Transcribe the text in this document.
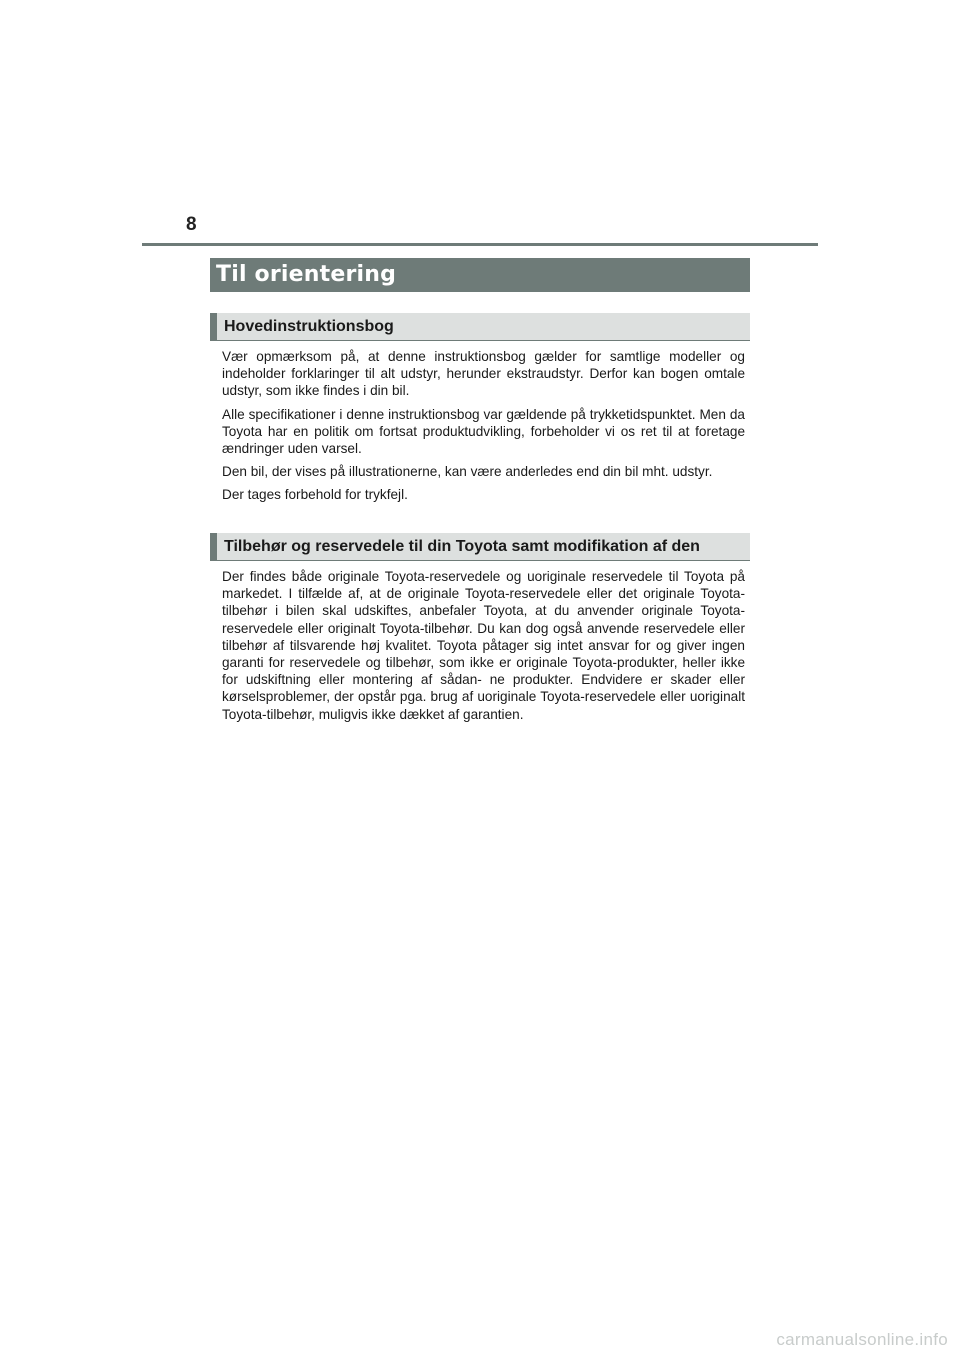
8
Til orientering
Hovedinstruktionsbog

Vær opmærksom på, at denne instruktionsbog gælder for samtlige modeller og indeholder forklaringer til alt udstyr, herunder ekstraudstyr. Derfor kan bogen omtale udstyr, som ikke findes i din bil.

Alle specifikationer i denne instruktionsbog var gældende på trykketidspunktet. Men da Toyota har en politik om fortsat produktudvikling, forbeholder vi os ret til at foretage ændringer uden varsel.

Den bil, der vises på illustrationerne, kan være anderledes end din bil mht. udstyr.

Der tages forbehold for trykfejl.

Tilbehør og reservedele til din Toyota samt modifikation af den

Der findes både originale Toyota-reservedele og uoriginale reservedele til Toyota på markedet. I tilfælde af, at de originale Toyota-reservedele eller det originale Toyota-tilbehør i bilen skal udskiftes, anbefaler Toyota, at du anvender originale Toyota-reservedele eller originalt Toyota-tilbehør. Du kan dog også anvende reservedele eller tilbehør af tilsvarende høj kvalitet. Toyota påtager sig intet ansvar for og giver ingen garanti for reservedele og tilbehør, som ikke er originale Toyota-produkter, heller ikke for udskiftning eller montering af sådan- ne produkter. Endvidere er skader eller kørselsproblemer, der opstår pga. brug af uoriginale Toyota-reservedele eller uoriginalt Toyota-tilbehør, muligvis ikke dækket af garantien.

carmanualsonline.info
